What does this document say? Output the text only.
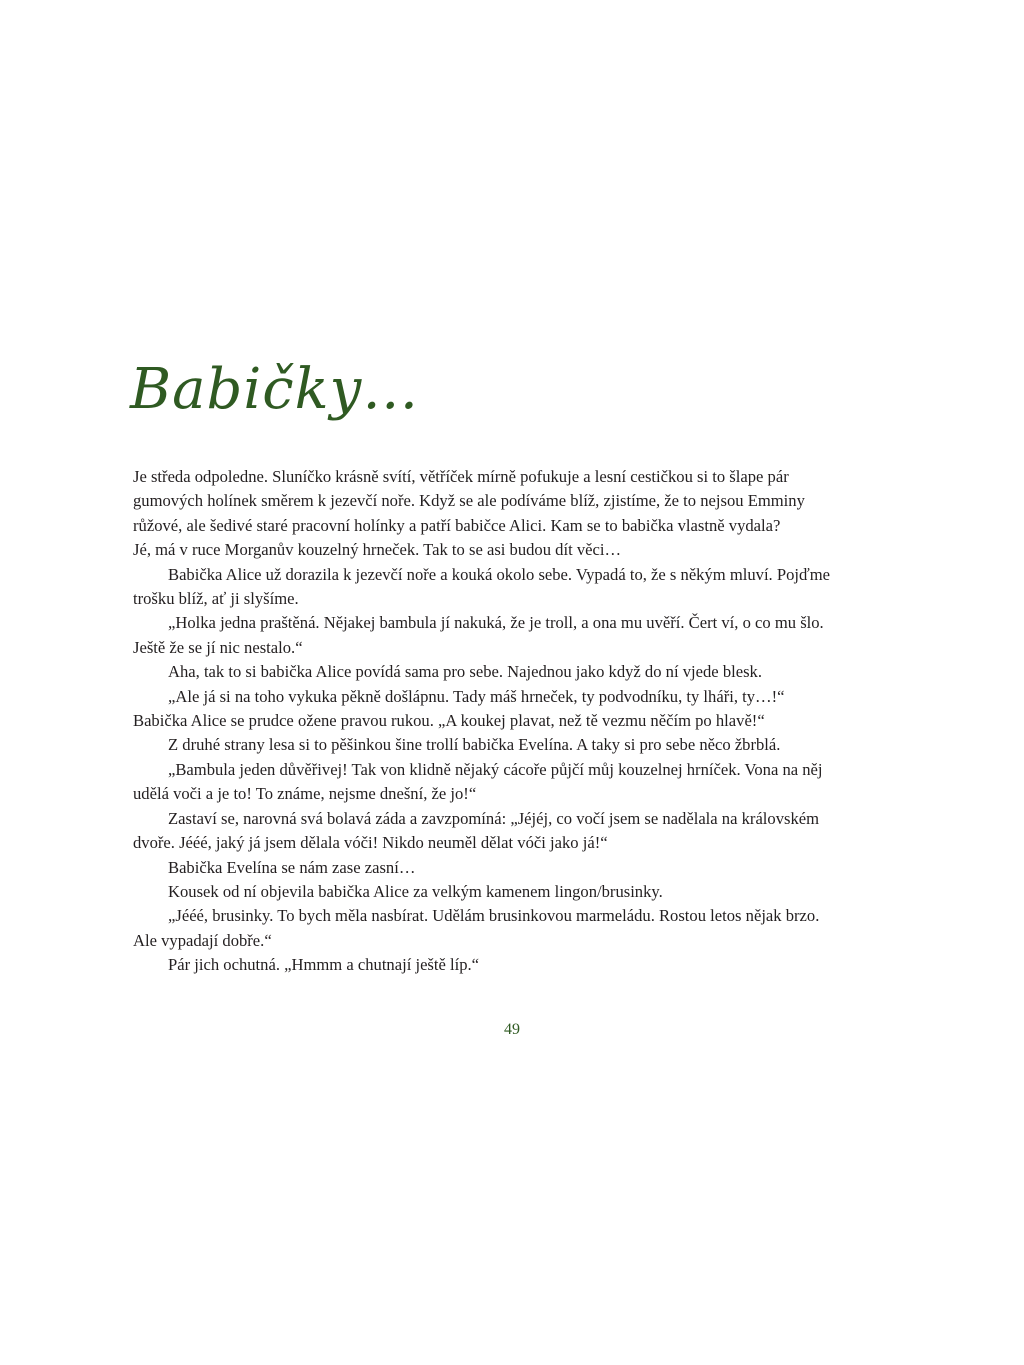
Babičky…

Je středa odpoledne. Sluníčko krásně svítí, větříček mírně pofukuje a lesní cestičkou si to šlape pár

gumových holínek směrem k jezevčí noře. Když se ale podíváme blíž, zjistíme, že to nejsou Emminy

růžové, ale šedivé staré pracovní holínky a patří babičce Alici. Kam se to babička vlastně vydala?

Jé, má v ruce Morganův kouzelný hrneček. Tak to se asi budou dít věci…

Babička Alice už dorazila k jezevčí noře a kouká okolo sebe. Vypadá to, že s někým mluví. Pojďme

trošku blíž, ať ji slyšíme.

„Holka jedna praštěná. Nějakej bambula jí nakuká, že je troll, a ona mu uvěří. Čert ví, o co mu šlo.

Ještě že se jí nic nestalo.“

Aha, tak to si babička Alice povídá sama pro sebe. Najednou jako když do ní vjede blesk.

„Ale já si na toho vykuka pěkně došlápnu. Tady máš hrneček, ty podvodníku, ty lháři, ty…!“

Babička Alice se prudce ožene pravou rukou. „A koukej plavat, než tě vezmu něčím po hlavě!“

Z druhé strany lesa si to pěšinkou šine trollí babička Evelína. A taky si pro sebe něco žbrblá.

„Bambula jeden důvěřivej! Tak von klidně nějaký cácoře půjčí můj kouzelnej hrníček. Vona na něj

udělá voči a je to! To známe, nejsme dnešní, že jo!“

Zastaví se, narovná svá bolavá záda a zavzpomíná: „Jéjéj, co vočí jsem se nadělala na královském

dvoře. Jééé, jaký já jsem dělala vóči! Nikdo neuměl dělat vóči jako já!“

Babička Evelína se nám zase zasní…

Kousek od ní objevila babička Alice za velkým kamenem lingon/brusinky.

„Jééé, brusinky. To bych měla nasbírat. Udělám brusinkovou marmeládu. Rostou letos nějak brzo.

Ale vypadají dobře.“

Pár jich ochutná. „Hmmm a chutnají ještě líp.“

49
